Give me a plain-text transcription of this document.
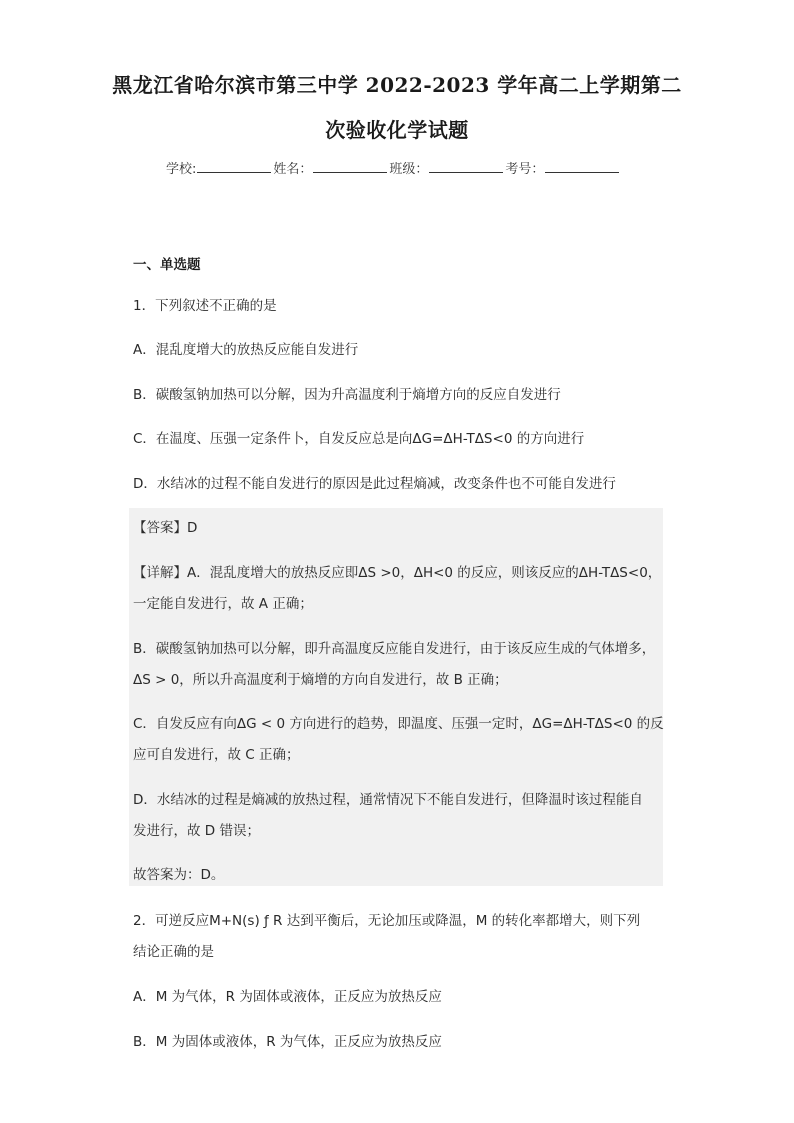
黑龙江省哈尔滨市第三中学 2022-2023 学年高二上学期第二
次验收化学试题
学校:	姓名：	班级：	考号：
一、单选题
1．下列叙述不正确的是
A．混乱度增大的放热反应能自发进行
B．碳酸氢钠加热可以分解，因为升高温度利于熵增方向的反应自发进行
C．在温度、压强一定条件卜，自发反应总是向ΔG=ΔH-TΔS<0 的方向进行
D．水结冰的过程不能自发进行的原因是此过程熵减，改变条件也不可能自发进行
【答案】D
【详解】A．混乱度增大的放热反应即ΔS >0，ΔH<0 的反应，则该反应的ΔH-TΔS<0，
一定能自发进行，故 A 正确；
B．碳酸氢钠加热可以分解，即升高温度反应能自发进行，由于该反应生成的气体增多，
ΔS > 0，所以升高温度利于熵增的方向自发进行，故 B 正确；
C．自发反应有向ΔG < 0 方向进行的趋势，即温度、压强一定时，ΔG=ΔH-TΔS<0 的反
应可自发进行，故 C 正确；
D．水结冰的过程是熵减的放热过程，通常情况下不能自发进行，但降温时该过程能自
发进行，故 D 错误；
故答案为：D。
2．可逆反应M+N(s) ƒ R 达到平衡后，无论加压或降温，M 的转化率都增大，则下列
结论正确的是
A．M 为气体，R 为固体或液体，正反应为放热反应
B．M 为固体或液体，R 为气体，正反应为放热反应
